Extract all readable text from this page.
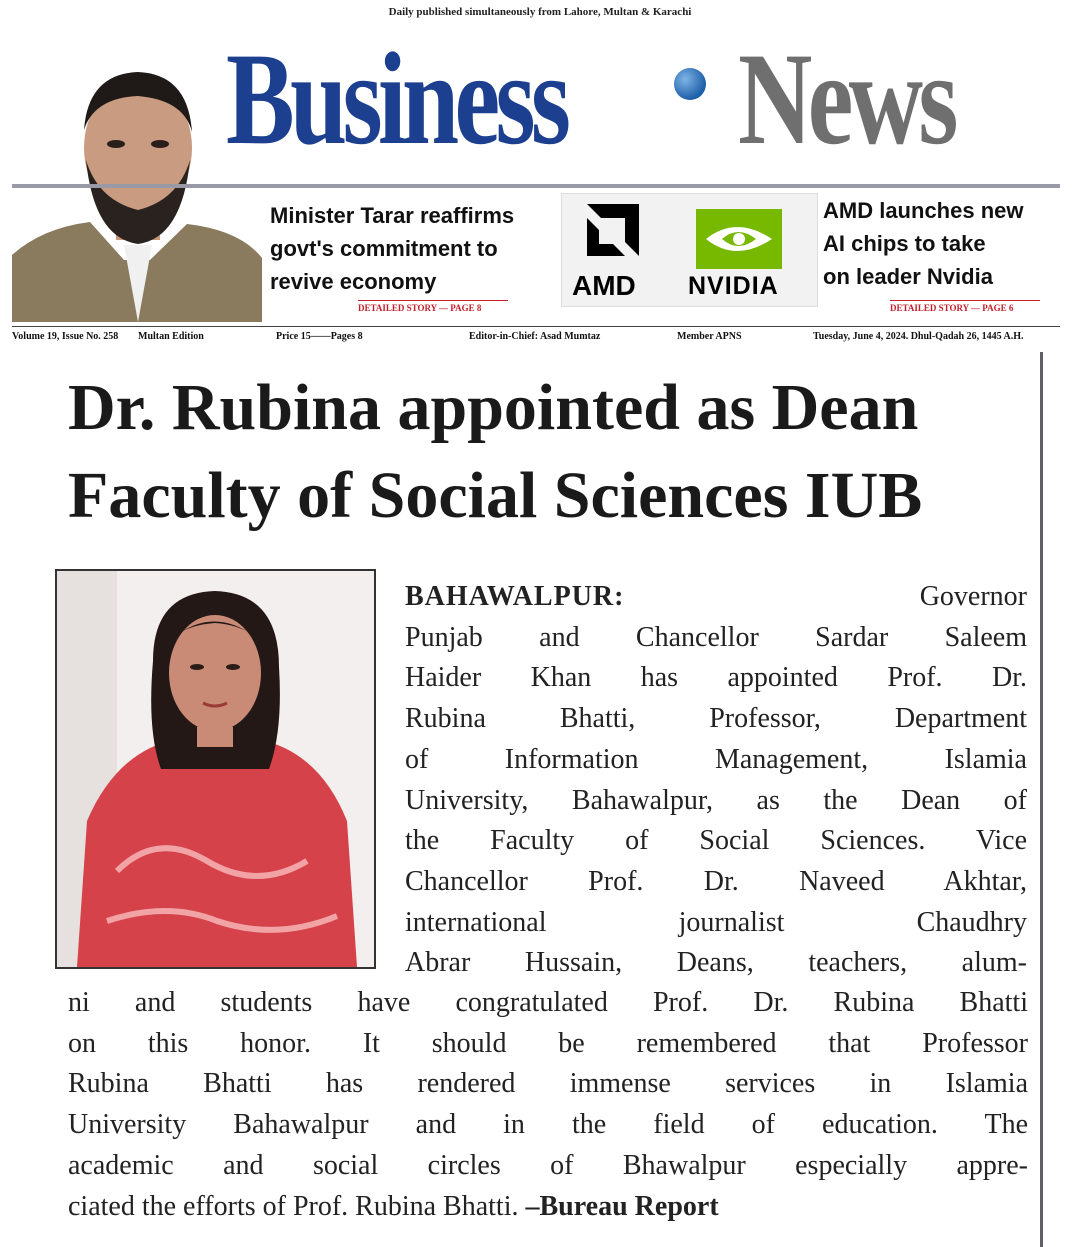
Daily published simultaneously from Lahore, Multan & Karachi
Business News
Minister Tarar reaffirms
govt's commitment to
revive economy
DETAILED STORY — PAGE 8
AMD NVIDIA
AMD launches new
AI chips to take
on leader Nvidia
DETAILED STORY — PAGE 6
Volume 19, Issue No. 258 Multan Edition	Price 15——Pages 8	Editor-in-Chief: Asad Mumtaz	Member APNS	Tuesday, June 4, 2024. Dhul-Qadah 26, 1445 A.H.
Dr. Rubina appointed as Dean
Faculty of Social Sciences IUB
BAHAWALPUR:	Governor
Punjab and Chancellor Sardar Saleem
Haider Khan has appointed Prof. Dr.
Rubina Bhatti, Professor, Department
of Information Management, Islamia
University, Bahawalpur, as the Dean of
the Faculty of Social Sciences. Vice
Chancellor Prof. Dr. Naveed Akhtar,
international journalist Chaudhry
Abrar Hussain, Deans, teachers, alum-
ni and students have congratulated Prof. Dr. Rubina Bhatti
on this honor. It should be remembered that Professor
Rubina Bhatti has rendered immense services in Islamia
University Bahawalpur and in the field of education. The
academic and social circles of Bhawalpur especially appre-
ciated the efforts of Prof. Rubina Bhatti. –Bureau Report
